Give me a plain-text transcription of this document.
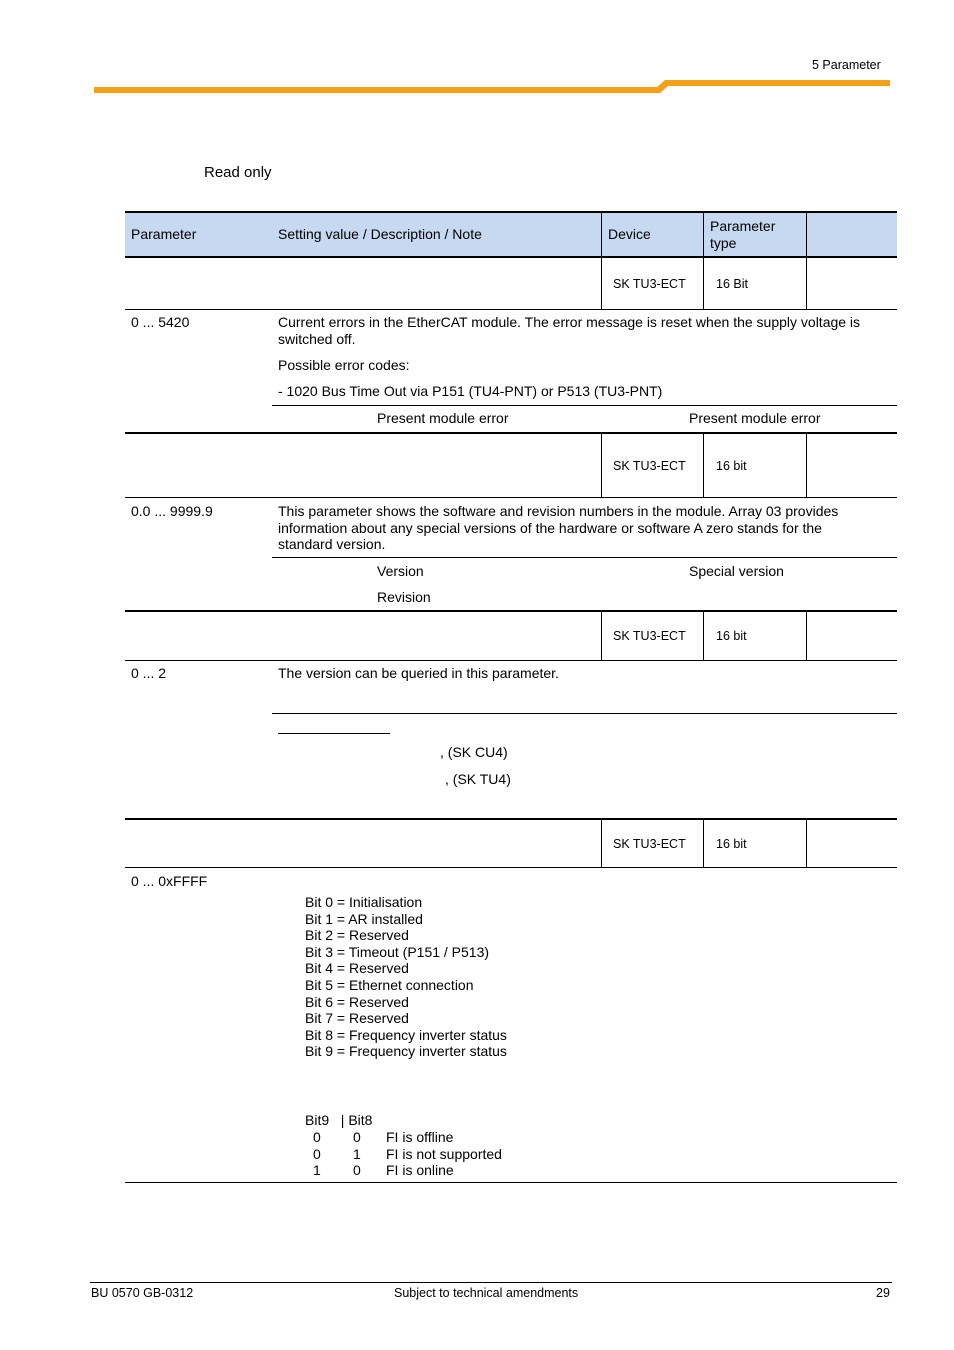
5 Parameter
Read only
Parameter	Setting value / Description / Note	Device	Parameter type
SK TU3-ECT 16 Bit
0 ... 5420	Current errors in the EtherCAT module. The error message is reset when the supply voltage is switched off.
Possible error codes:
- 1020 Bus Time Out via P151 (TU4-PNT) or P513 (TU3-PNT)
Present module error	Present module error
SK TU3-ECT 16 bit
0.0 ... 9999.9	This parameter shows the software and revision numbers in the module. Array 03 provides information about any special versions of the hardware or software A zero stands for the standard version.
Version	Special version
Revision
SK TU3-ECT 16 bit
0 ... 2	The version can be queried in this parameter.
, (SK CU4)
, (SK TU4)
SK TU3-ECT 16 bit
0 ... 0xFFFF
Bit 0 = Initialisation
Bit 1 = AR installed
Bit 2 = Reserved
Bit 3 = Timeout (P151 / P513)
Bit 4 = Reserved
Bit 5 = Ethernet connection
Bit 6 = Reserved
Bit 7 = Reserved
Bit 8 = Frequency inverter status
Bit 9 = Frequency inverter status
Bit9   | Bit8
0 0 FI is offline
0 1 FI is not supported
1 0 FI is online
BU 0570 GB-0312	Subject to technical amendments	29
